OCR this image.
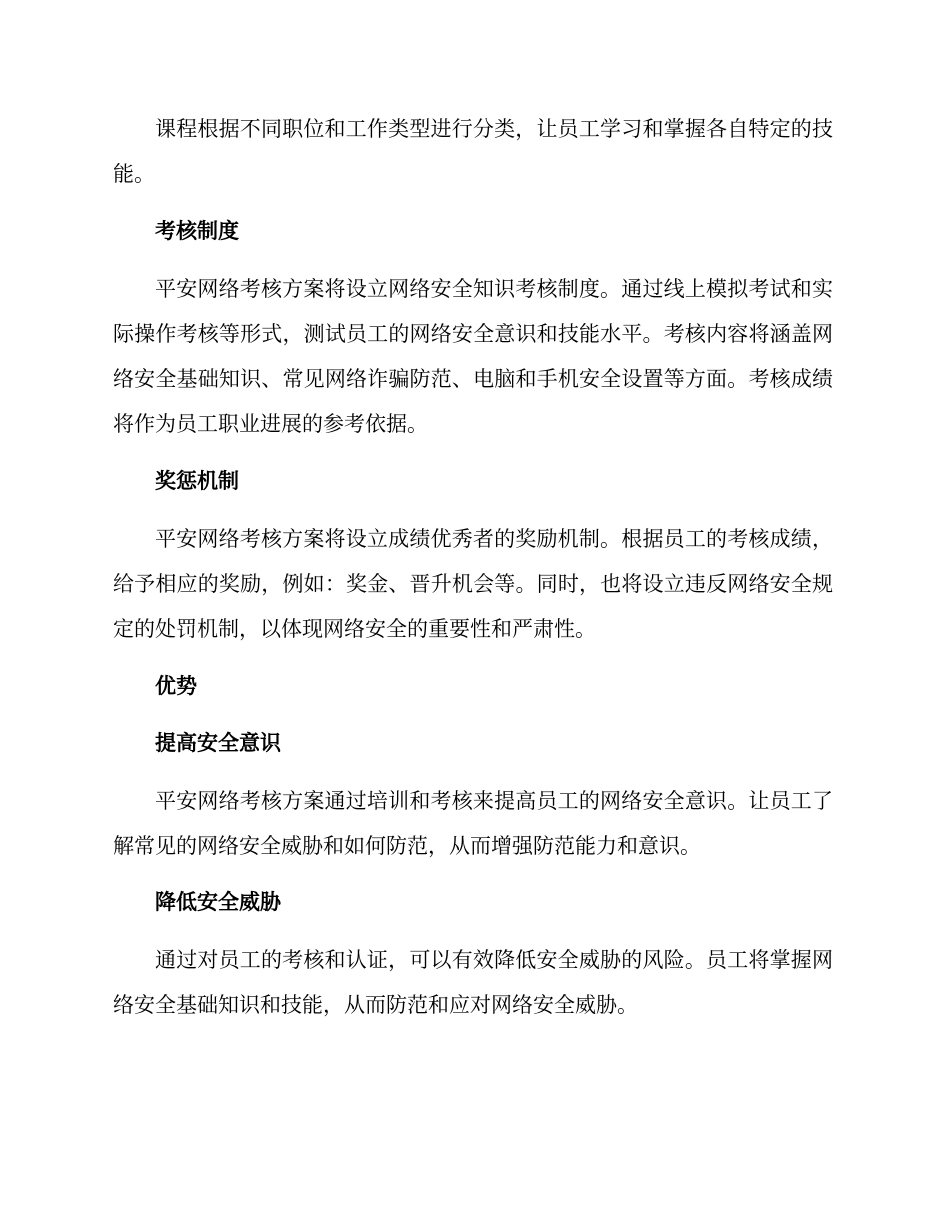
课程根据不同职位和工作类型进行分类，让员工学习和掌握各自特定的技能。

考核制度

平安网络考核方案将设立网络安全知识考核制度。通过线上模拟考试和实际操作考核等形式，测试员工的网络安全意识和技能水平。考核内容将涵盖网络安全基础知识、常见网络诈骗防范、电脑和手机安全设置等方面。考核成绩将作为员工职业进展的参考依据。

奖惩机制

平安网络考核方案将设立成绩优秀者的奖励机制。根据员工的考核成绩，给予相应的奖励，例如：奖金、晋升机会等。同时，也将设立违反网络安全规定的处罚机制，以体现网络安全的重要性和严肃性。

优势
提高安全意识

平安网络考核方案通过培训和考核来提高员工的网络安全意识。让员工了解常见的网络安全威胁和如何防范，从而增强防范能力和意识。

降低安全威胁

通过对员工的考核和认证，可以有效降低安全威胁的风险。员工将掌握网络安全基础知识和技能，从而防范和应对网络安全威胁。
